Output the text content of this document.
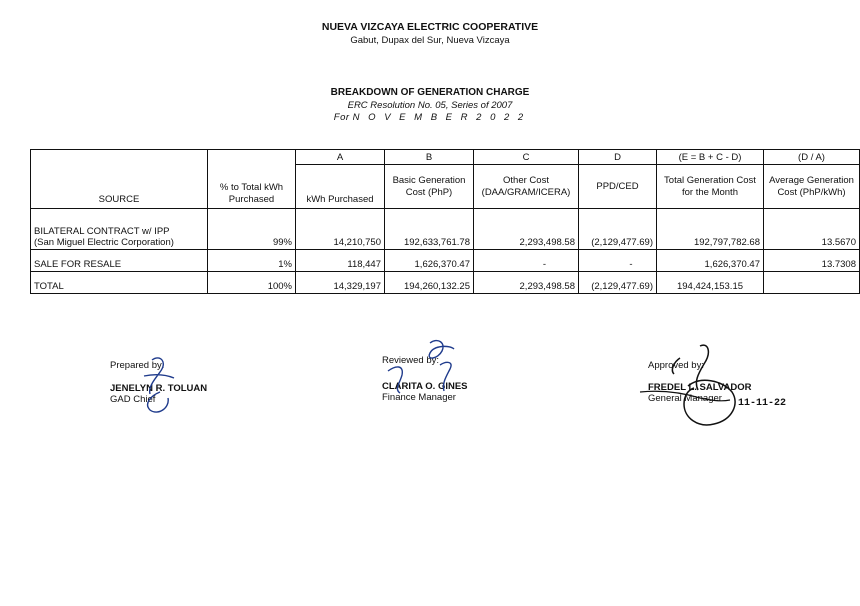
NUEVA VIZCAYA ELECTRIC COOPERATIVE
Gabut, Dupax del Sur, Nueva Vizcaya
BREAKDOWN OF GENERATION CHARGE
ERC Resolution No. 05, Series of 2007
For N O V E M B E R 2 0 2 2
		A	B	C	D	(E = B + C - D)	(D / A)
SOURCE	% to Total kWh Purchased	kWh Purchased	Basic Generation Cost (PhP)	Other Cost (DAA/GRAM/ICERA)	PPD/CED	Total Generation Cost for the Month	Average Generation Cost (PhP/kWh)

BILATERAL CONTRACT w/ IPP
(San Miguel Electric Corporation)	99%	14,210,750	192,633,761.78	2,293,498.58	(2,129,477.69)	192,797,782.68	13.5670
SALE FOR RESALE	1%	118,447	1,626,370.47	-	-	1,626,370.47	13.7308
TOTAL	100%	14,329,197	194,260,132.25	2,293,498.58	(2,129,477.69)	194,424,153.15	
Prepared by:
JENELYN R. TOLUAN
GAD Chief
Reviewed by:
CLARITA O. GINES
Finance Manager
Approved by:
FREDEL L. SALVADOR
General Manager	11-11-22
